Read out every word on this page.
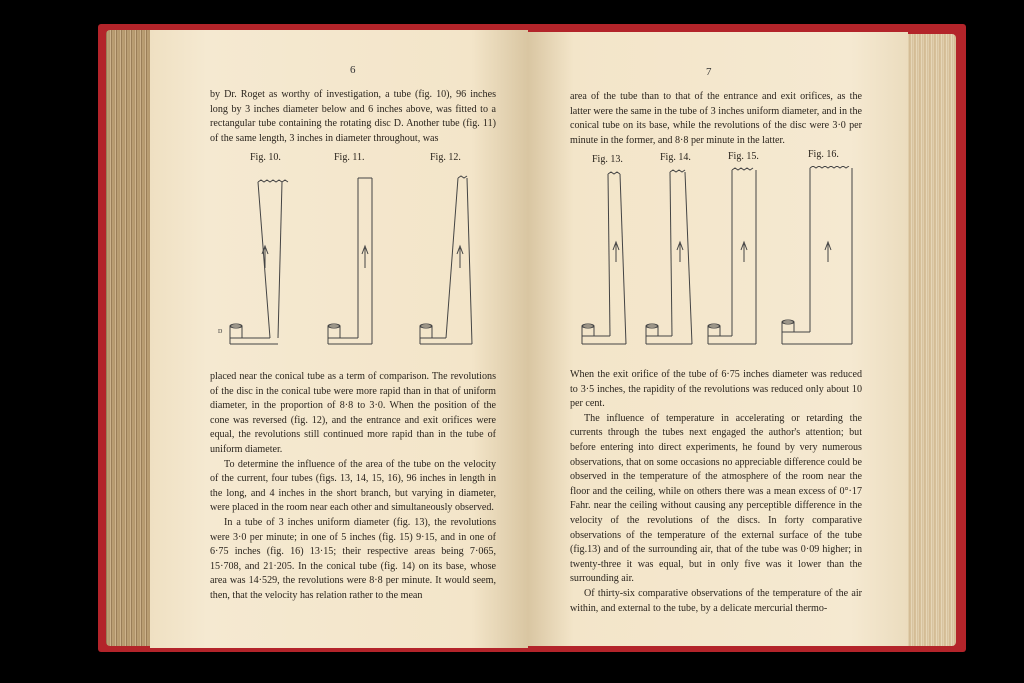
6

by Dr. Roget as worthy of investigation, a tube (fig. 10), 96 inches long by 3 inches diameter below and 6 inches above, was fitted to a rectangular tube containing the rotating disc D. Another tube (fig. 11) of the same length, 3 inches in diameter throughout, was

Fig. 10.	Fig. 11.	Fig. 12.
D

placed near the conical tube as a term of comparison. The revolutions of the disc in the conical tube were more rapid than in that of uniform diameter, in the proportion of 8·8 to 3·0. When the position of the cone was reversed (fig. 12), and the entrance and exit orifices were equal, the revolutions still continued more rapid than in the tube of uniform diameter.

To determine the influence of the area of the tube on the velocity of the current, four tubes (figs. 13, 14, 15, 16), 96 inches in length in the long, and 4 inches in the short branch, but varying in diameter, were placed in the room near each other and simultaneously observed.

In a tube of 3 inches uniform diameter (fig. 13), the revolutions were 3·0 per minute; in one of 5 inches (fig. 15) 9·15, and in one of 6·75 inches (fig. 16) 13·15; their respective areas being 7·065, 15·708, and 21·205. In the conical tube (fig. 14) on its base, whose area was 14·529, the revolutions were 8·8 per minute. It would seem, then, that the velocity has relation rather to the mean

7

area of the tube than to that of the entrance and exit orifices, as the latter were the same in the tube of 3 inches uniform diameter, and in the conical tube on its base, while the revolutions of the disc were 3·0 per minute in the former, and 8·8 per minute in the latter.

Fig. 13.	Fig. 14.	Fig. 15.	Fig. 16.

When the exit orifice of the tube of 6·75 inches diameter was reduced to 3·5 inches, the rapidity of the revolutions was reduced only about 10 per cent.

The influence of temperature in accelerating or retarding the currents through the tubes next engaged the author's attention; but before entering into direct experiments, he found by very numerous observations, that on some occasions no appreciable difference could be observed in the temperature of the atmosphere of the room near the floor and the ceiling, while on others there was a mean excess of 0°·17 Fahr. near the ceiling without causing any perceptible difference in the velocity of the revolutions of the discs. In forty comparative observations of the temperature of the external surface of the tube (fig.13) and of the surrounding air, that of the tube was 0·09 higher; in twenty-three it was equal, but in only five was it lower than the surrounding air.

Of thirty-six comparative observations of the temperature of the air within, and external to the tube, by a delicate mercurial thermo-
